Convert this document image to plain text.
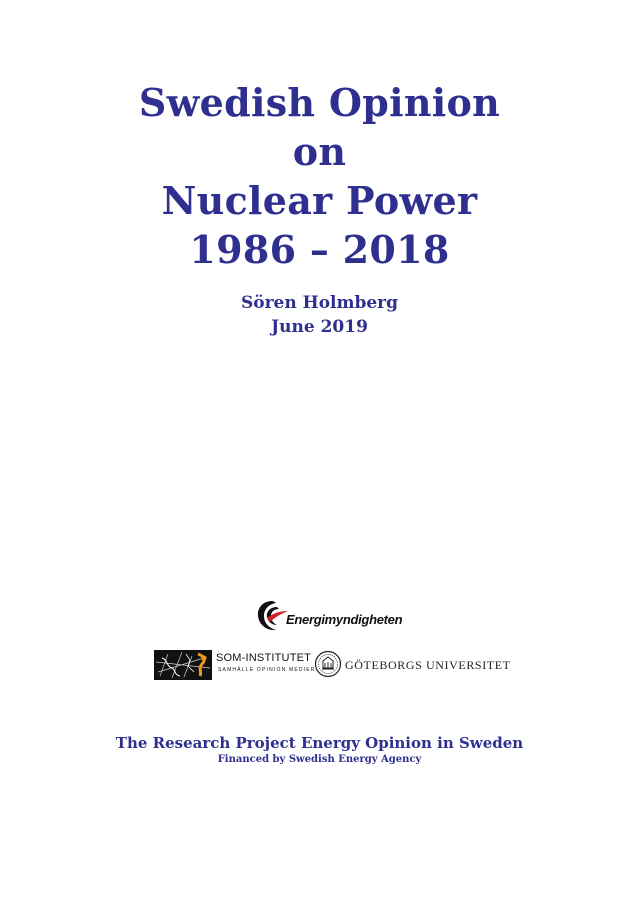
Swedish Opinion
on
Nuclear Power
1986 – 2018
Sören Holmberg
June 2019
Energimyndigheten
SOM-INSTITUTET
SAMHÄLLE OPINION MEDIER GÖTEBORGS UNIVERSITET
The Research Project Energy Opinion in Sweden
Financed by Swedish Energy Agency
